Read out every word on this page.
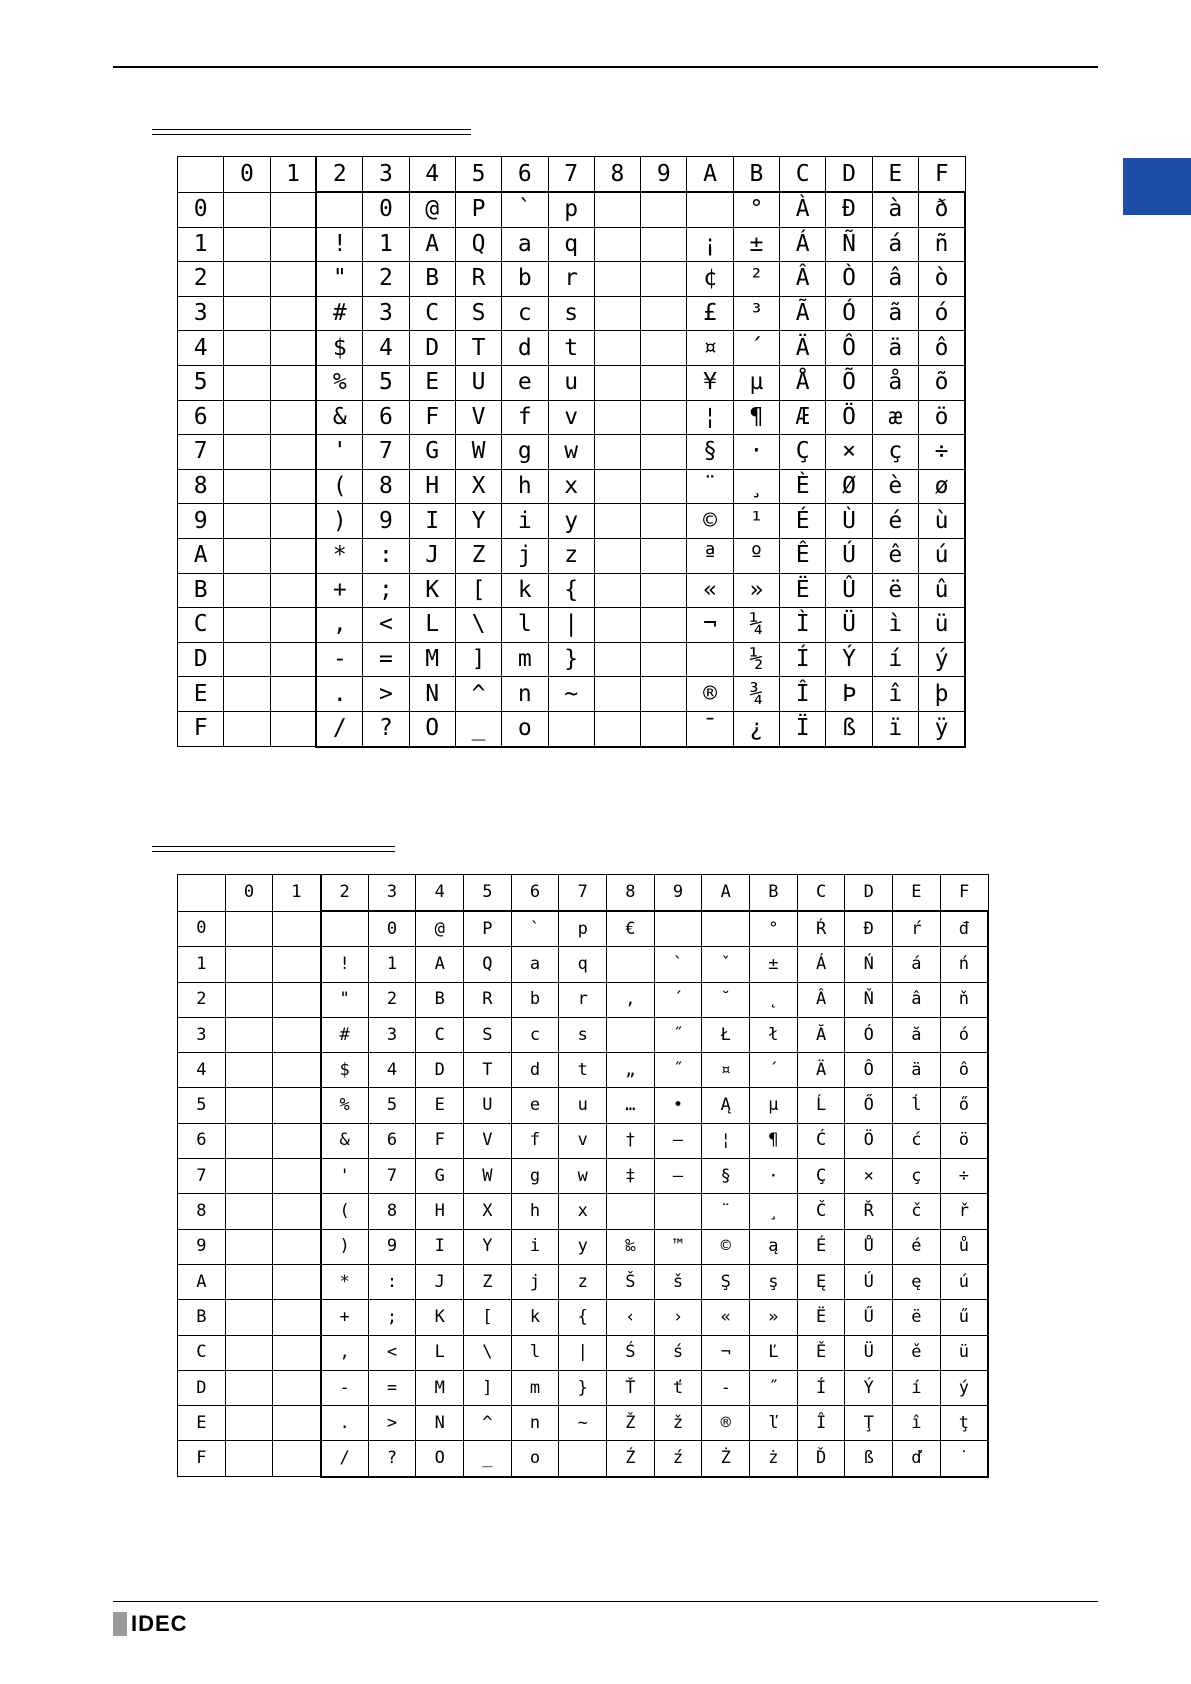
	0	1	2	3	4	5	6	7	8	9	A	B	C	D	E	F
0				0	@	P	`	p				°	À	Ð	à	ð
1			!	1	A	Q	a	q			¡	±	Á	Ñ	á	ñ
2			"	2	B	R	b	r			¢	²	Â	Ò	â	ò
3			#	3	C	S	c	s			£	³	Ã	Ó	ã	ó
4			$	4	D	T	d	t			¤	´	Ä	Ô	ä	ô
5			%	5	E	U	e	u			¥	µ	Å	Õ	å	õ
6			&	6	F	V	f	v			¦	¶	Æ	Ö	æ	ö
7			'	7	G	W	g	w			§	·	Ç	×	ç	÷
8			(	8	H	X	h	x			¨	¸	È	Ø	è	ø
9			)	9	I	Y	i	y			©	¹	É	Ù	é	ù
A			*	:	J	Z	j	z			ª	º	Ê	Ú	ê	ú
B			+	;	K	[	k	{			«	»	Ë	Û	ë	û
C			,	<	L	\	l	|			¬	¼	Ì	Ü	ì	ü
D			-	=	M	]	m	}				½	Í	Ý	í	ý
E			.	>	N	^	n	~			®	¾	Î	Þ	î	þ
F			/	?	O	_	o				¯	¿	Ï	ß	ï	ÿ
	0	1	2	3	4	5	6	7	8	9	A	B	C	D	E	F
0				0	@	P	`	p	€			°	Ŕ	Đ	ŕ	đ
1			!	1	A	Q	a	q		`	ˇ	±	Á	Ń	á	ń
2			"	2	B	R	b	r	‚	´	˘	˛	Â	Ň	â	ň
3			#	3	C	S	c	s		˝	Ł	ł	Ă	Ó	ă	ó
4			$	4	D	T	d	t	„	˝	¤	´	Ä	Ô	ä	ô
5			%	5	E	U	e	u	…	•	Ą	µ	Ĺ	Ő	ĺ	ő
6			&	6	F	V	f	v	†	–	¦	¶	Ć	Ö	ć	ö
7			'	7	G	W	g	w	‡	—	§	·	Ç	×	ç	÷
8			(	8	H	X	h	x			¨	¸	Č	Ř	č	ř
9			)	9	I	Y	i	y	‰	™	©	ą	É	Ů	é	ů
A			*	:	J	Z	j	z	Š	š	Ş	ş	Ę	Ú	ę	ú
B			+	;	K	[	k	{	‹	›	«	»	Ë	Ű	ë	ű
C			,	<	L	\	l	|	Ś	ś	¬	Ľ	Ě	Ü	ě	ü
D			-	=	M	]	m	}	Ť	ť	-	˝	Í	Ý	í	ý
E			.	>	N	^	n	~	Ž	ž	®	ľ	Î	Ţ	î	ţ
F			/	?	O	_	o		Ź	ź	Ż	ż	Ď	ß	ď	˙
IDEC
